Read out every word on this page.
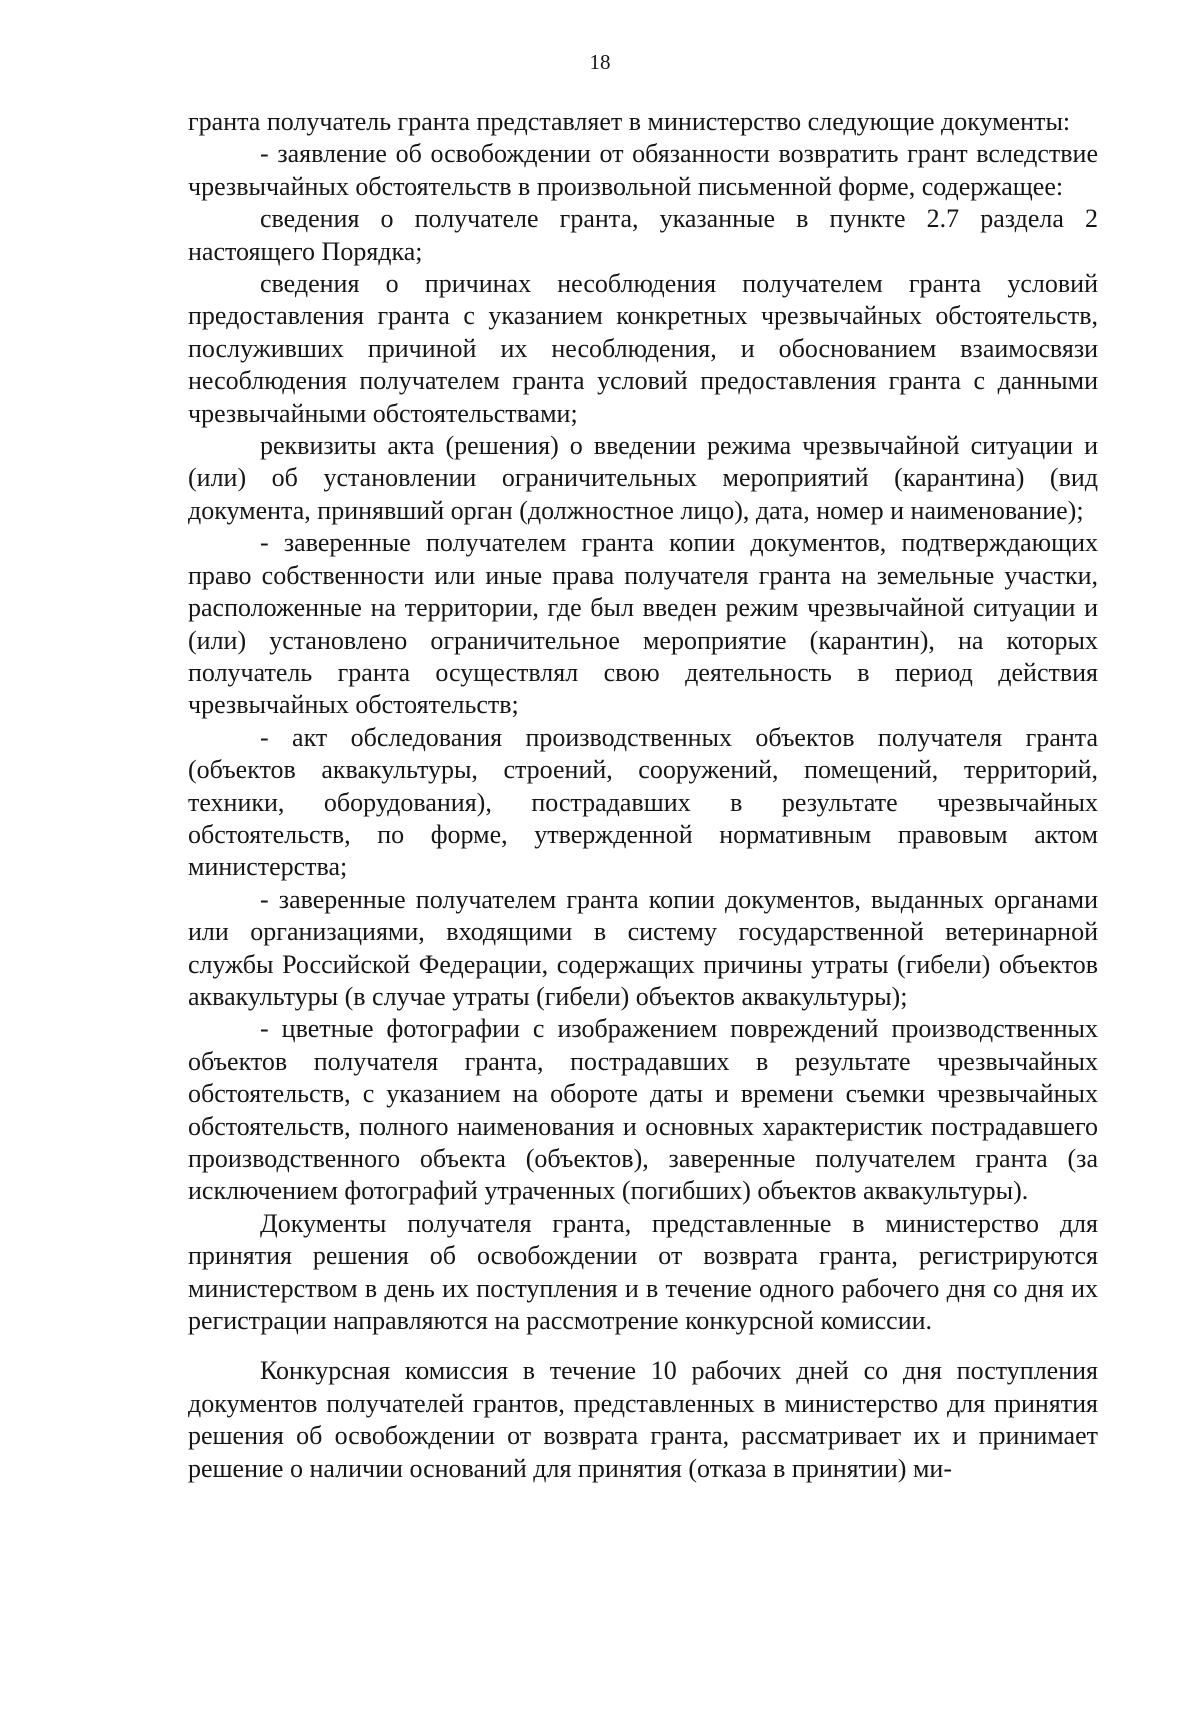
18

гранта получатель гранта представляет в министерство следующие документы:

- заявление об освобождении от обязанности возвратить грант вследствие чрезвычайных обстоятельств в произвольной письменной форме, содержащее:

сведения о получателе гранта, указанные в пункте 2.7 раздела 2 настоящего Порядка;

сведения о причинах несоблюдения получателем гранта условий предоставления гранта с указанием конкретных чрезвычайных обстоятельств, послуживших причиной их несоблюдения, и обоснованием взаимосвязи несоблюдения получателем гранта условий предоставления гранта с данными чрезвычайными обстоятельствами;

реквизиты акта (решения) о введении режима чрезвычайной ситуации и (или) об установлении ограничительных мероприятий (карантина) (вид документа, принявший орган (должностное лицо), дата, номер и наименование);

- заверенные получателем гранта копии документов, подтверждающих право собственности или иные права получателя гранта на земельные участки, расположенные на территории, где был введен режим чрезвычайной ситуации и (или) установлено ограничительное мероприятие (карантин), на которых получатель гранта осуществлял свою деятельность в период действия чрезвычайных обстоятельств;

- акт обследования производственных объектов получателя гранта (объектов аквакультуры, строений, сооружений, помещений, территорий, техники, оборудования), пострадавших в результате чрезвычайных обстоятельств, по форме, утвержденной нормативным правовым актом министерства;

- заверенные получателем гранта копии документов, выданных органами или организациями, входящими в систему государственной ветеринарной службы Российской Федерации, содержащих причины утраты (гибели) объектов аквакультуры (в случае утраты (гибели) объектов аквакультуры);

- цветные фотографии с изображением повреждений производственных объектов получателя гранта, пострадавших в результате чрезвычайных обстоятельств, с указанием на обороте даты и времени съемки чрезвычайных обстоятельств, полного наименования и основных характеристик пострадавшего производственного объекта (объектов), заверенные получателем гранта (за исключением фотографий утраченных (погибших) объектов аквакультуры).

Документы получателя гранта, представленные в министерство для принятия решения об освобождении от возврата гранта, регистрируются министерством в день их поступления и в течение одного рабочего дня со дня их регистрации направляются на рассмотрение конкурсной комиссии.

Конкурсная комиссия в течение 10 рабочих дней со дня поступления документов получателей грантов, представленных в министерство для принятия решения об освобождении от возврата гранта, рассматривает их и принимает решение о наличии оснований для принятия (отказа в принятии) ми-
